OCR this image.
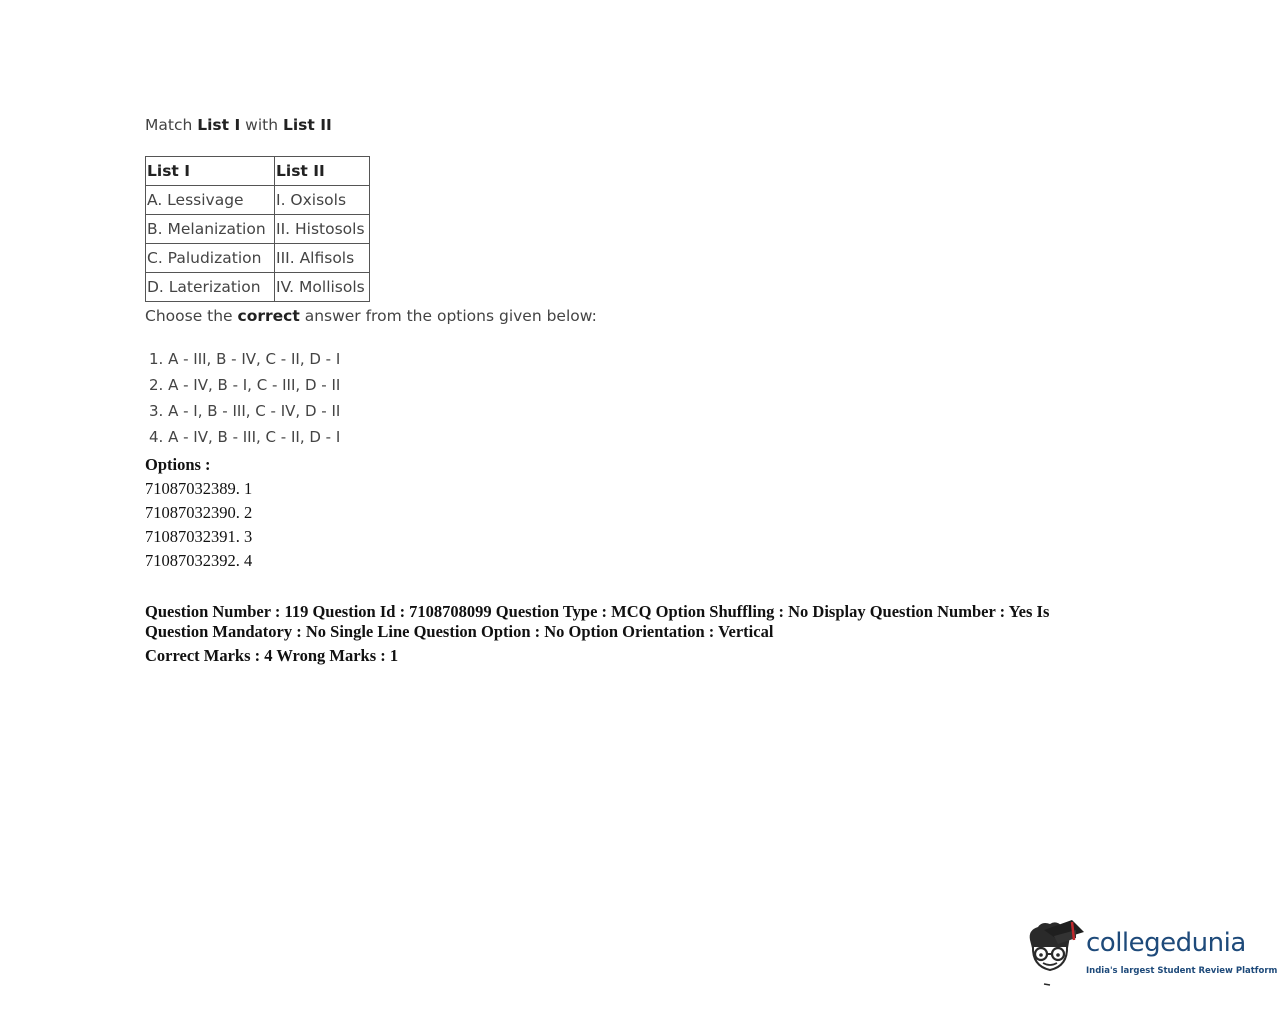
Match List I with List II

List I	List II
A. Lessivage	I. Oxisols
B. Melanization	II. Histosols
C. Paludization	III. Alfisols
D. Laterization	IV. Mollisols

Choose the correct answer from the options given below:

1. A - III, B - IV, C - II, D - I
2. A - IV, B - I, C - III, D - II
3. A - I, B - III, C - IV, D - II
4. A - IV, B - III, C - II, D - I
Options :
71087032389. 1
71087032390. 2
71087032391. 3
71087032392. 4

Question Number : 119 Question Id : 7108708099 Question Type : MCQ Option Shuffling : No Display Question Number : Yes Is Question Mandatory : No Single Line Question Option : No Option Orientation : Vertical

Correct Marks : 4 Wrong Marks : 1

collegedunia
India's largest Student Review Platform
